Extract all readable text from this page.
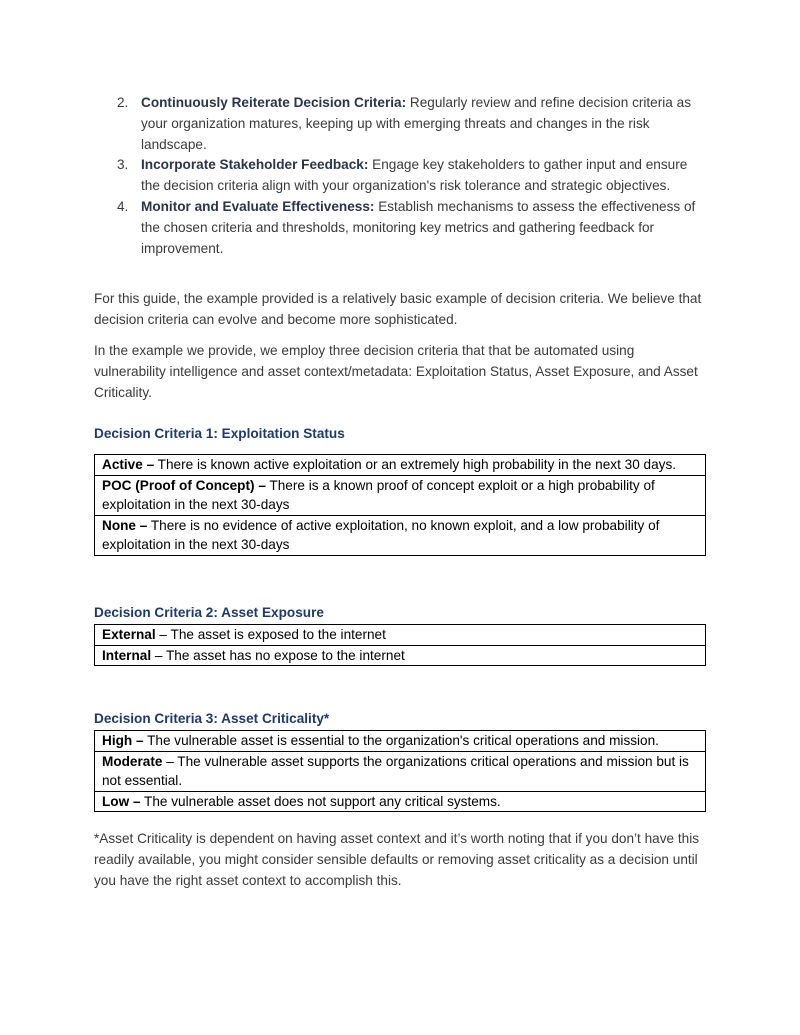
2. Continuously Reiterate Decision Criteria: Regularly review and refine decision criteria as your organization matures, keeping up with emerging threats and changes in the risk landscape.
3. Incorporate Stakeholder Feedback: Engage key stakeholders to gather input and ensure the decision criteria align with your organization's risk tolerance and strategic objectives.
4. Monitor and Evaluate Effectiveness: Establish mechanisms to assess the effectiveness of the chosen criteria and thresholds, monitoring key metrics and gathering feedback for improvement.

For this guide, the example provided is a relatively basic example of decision criteria. We believe that decision criteria can evolve and become more sophisticated.

In the example we provide, we employ three decision criteria that that be automated using vulnerability intelligence and asset context/metadata: Exploitation Status, Asset Exposure, and Asset Criticality.

Decision Criteria 1: Exploitation Status
Active – There is known active exploitation or an extremely high probability in the next 30 days.
POC (Proof of Concept) – There is a known proof of concept exploit or a high probability of exploitation in the next 30-days
None – There is no evidence of active exploitation, no known exploit, and a low probability of exploitation in the next 30-days
Decision Criteria 2: Asset Exposure
External – The asset is exposed to the internet
Internal – The asset has no expose to the internet
Decision Criteria 3: Asset Criticality*
High – The vulnerable asset is essential to the organization's critical operations and mission.
Moderate – The vulnerable asset supports the organizations critical operations and mission but is not essential.
Low – The vulnerable asset does not support any critical systems.

*Asset Criticality is dependent on having asset context and it’s worth noting that if you don’t have this readily available, you might consider sensible defaults or removing asset criticality as a decision until you have the right asset context to accomplish this.
